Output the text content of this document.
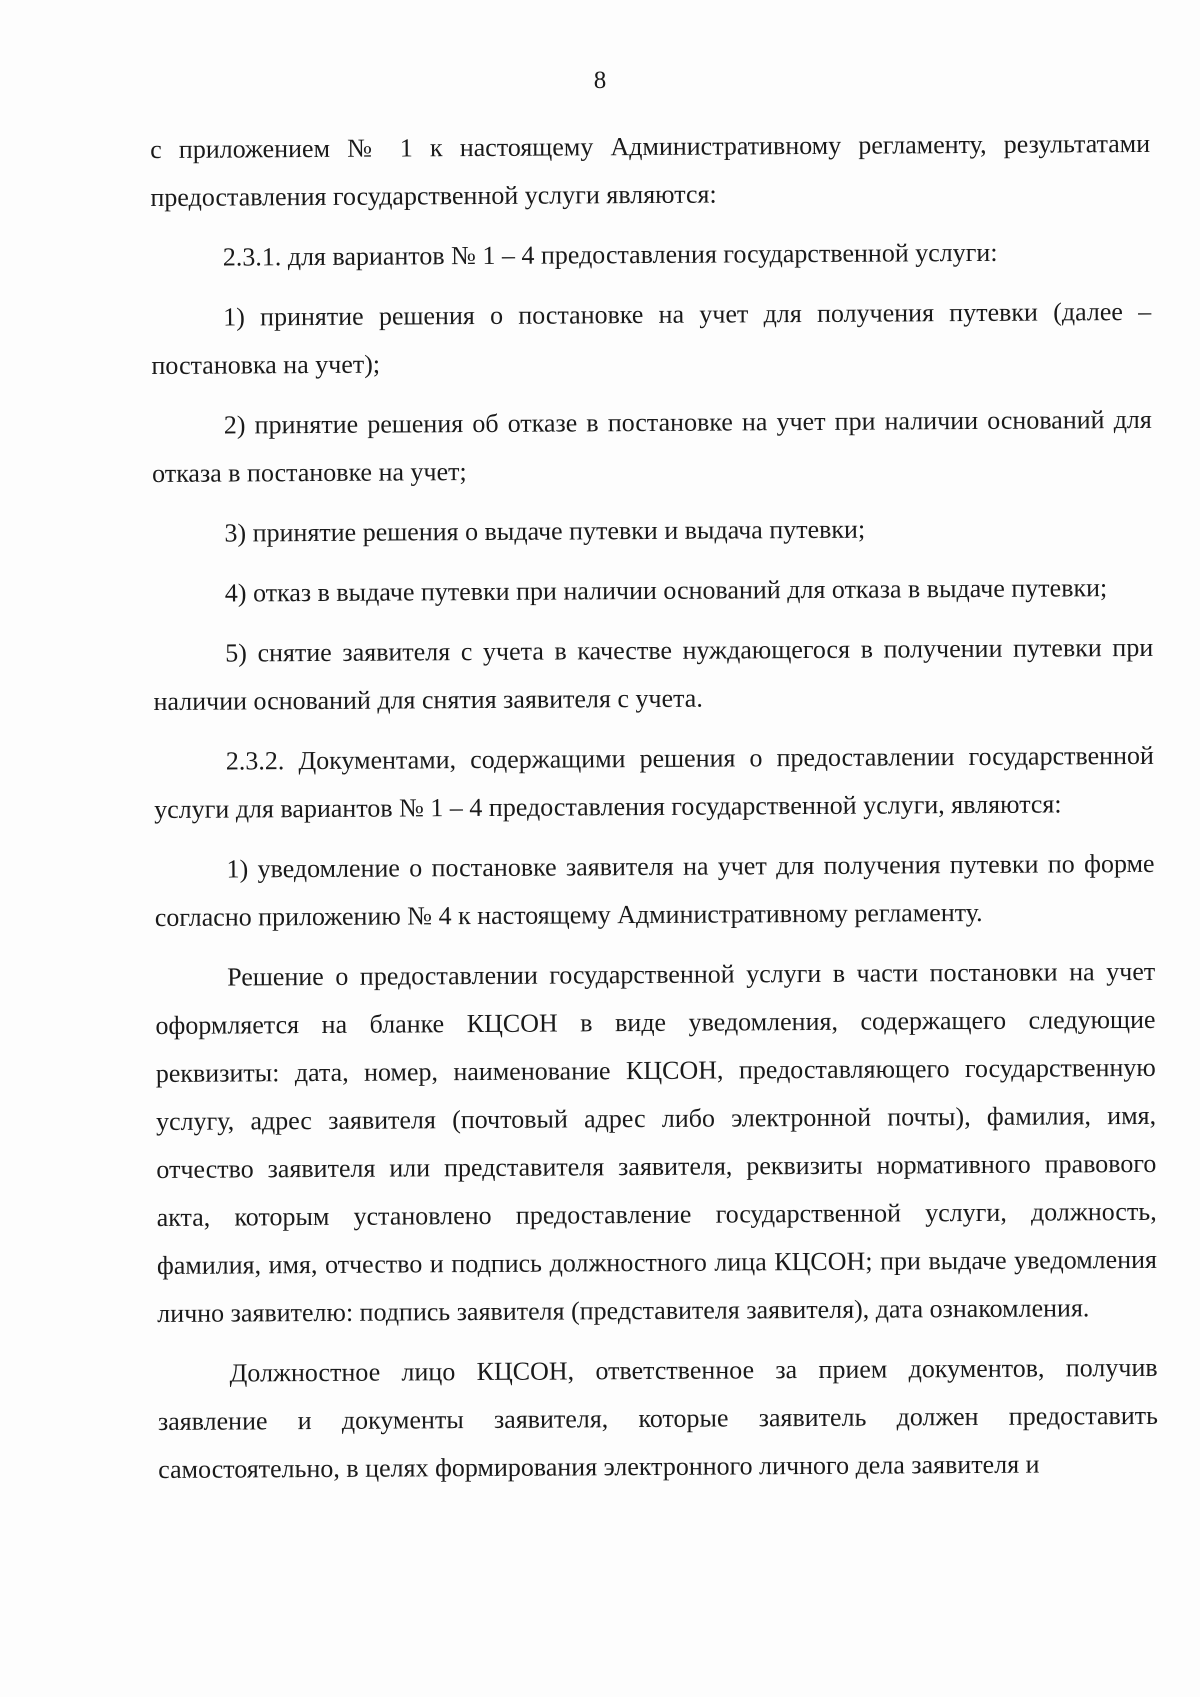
8

с приложением № 1 к настоящему Административному регламенту, результатами предоставления государственной услуги являются:

2.3.1. для вариантов № 1 – 4 предоставления государственной услуги:

1) принятие решения о постановке на учет для получения путевки (далее – постановка на учет);

2) принятие решения об отказе в постановке на учет при наличии оснований для отказа в постановке на учет;

3) принятие решения о выдаче путевки и выдача путевки;

4) отказ в выдаче путевки при наличии оснований для отказа в выдаче путевки;

5) снятие заявителя с учета в качестве нуждающегося в получении путевки при наличии оснований для снятия заявителя с учета.

2.3.2. Документами, содержащими решения о предоставлении государственной услуги для вариантов № 1 – 4 предоставления государственной услуги, являются:

1) уведомление о постановке заявителя на учет для получения путевки по форме согласно приложению № 4 к настоящему Административному регламенту.

Решение о предоставлении государственной услуги в части постановки на учет оформляется на бланке КЦСОН в виде уведомления, содержащего следующие реквизиты: дата, номер, наименование КЦСОН, предоставляющего государственную услугу, адрес заявителя (почтовый адрес либо электронной почты), фамилия, имя, отчество заявителя или представителя заявителя, реквизиты нормативного правового акта, которым установлено предоставление государственной услуги, должность, фамилия, имя, отчество и подпись должностного лица КЦСОН; при выдаче уведомления лично заявителю: подпись заявителя (представителя заявителя), дата ознакомления.

Должностное лицо КЦСОН, ответственное за прием документов, получив заявление и документы заявителя, которые заявитель должен предоставить самостоятельно, в целях формирования электронного личного дела заявителя и
